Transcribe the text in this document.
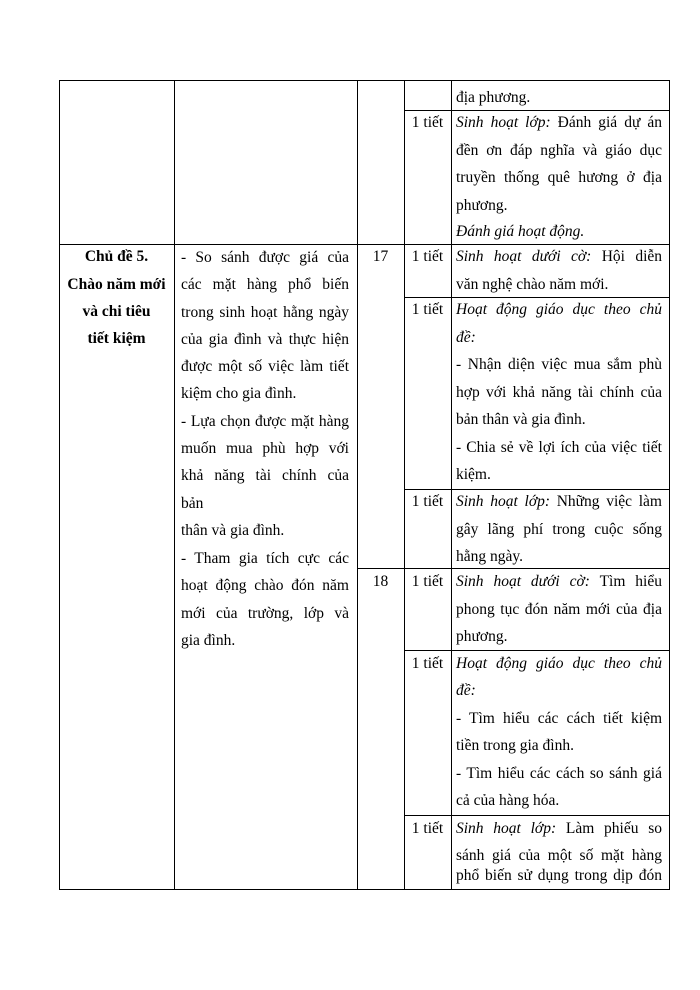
địa phương.
1 tiết Sinh hoạt lớp: Đánh giá dự án
đền ơn đáp nghĩa và giáo dục
truyền thống quê hương ở địa
phương.
Đánh giá hoạt động.
Chủ đề 5.
Chào năm mới
và chi tiêu
tiết kiệm
- So sánh được giá của
các mặt hàng phổ biến
trong sinh hoạt hằng ngày
của gia đình và thực hiện
được một số việc làm tiết
kiệm cho gia đình.
- Lựa chọn được mặt hàng
muốn mua phù hợp với
khả năng tài chính của
bản
thân và gia đình.
- Tham gia tích cực các
hoạt động chào đón năm
mới của trường, lớp và
gia đình.
17	1 tiết Sinh hoạt dưới cờ: Hội diễn
văn nghệ chào năm mới.
1 tiết Hoạt động giáo dục theo chủ
đề:
- Nhận diện việc mua sắm phù
hợp với khả năng tài chính của
bản thân và gia đình.
- Chia sẻ về lợi ích của việc tiết
kiệm.
1 tiết Sinh hoạt lớp: Những việc làm
gây lãng phí trong cuộc sống
hằng ngày.
18	1 tiết Sinh hoạt dưới cờ: Tìm hiểu
phong tục đón năm mới của địa
phương.
1 tiết Hoạt động giáo dục theo chủ
đề:
- Tìm hiểu các cách tiết kiệm
tiền trong gia đình.
- Tìm hiểu các cách so sánh giá
cả của hàng hóa.
1 tiết Sinh hoạt lớp: Làm phiếu so
sánh giá của một số mặt hàng
phổ biến sử dụng trong dịp đón
